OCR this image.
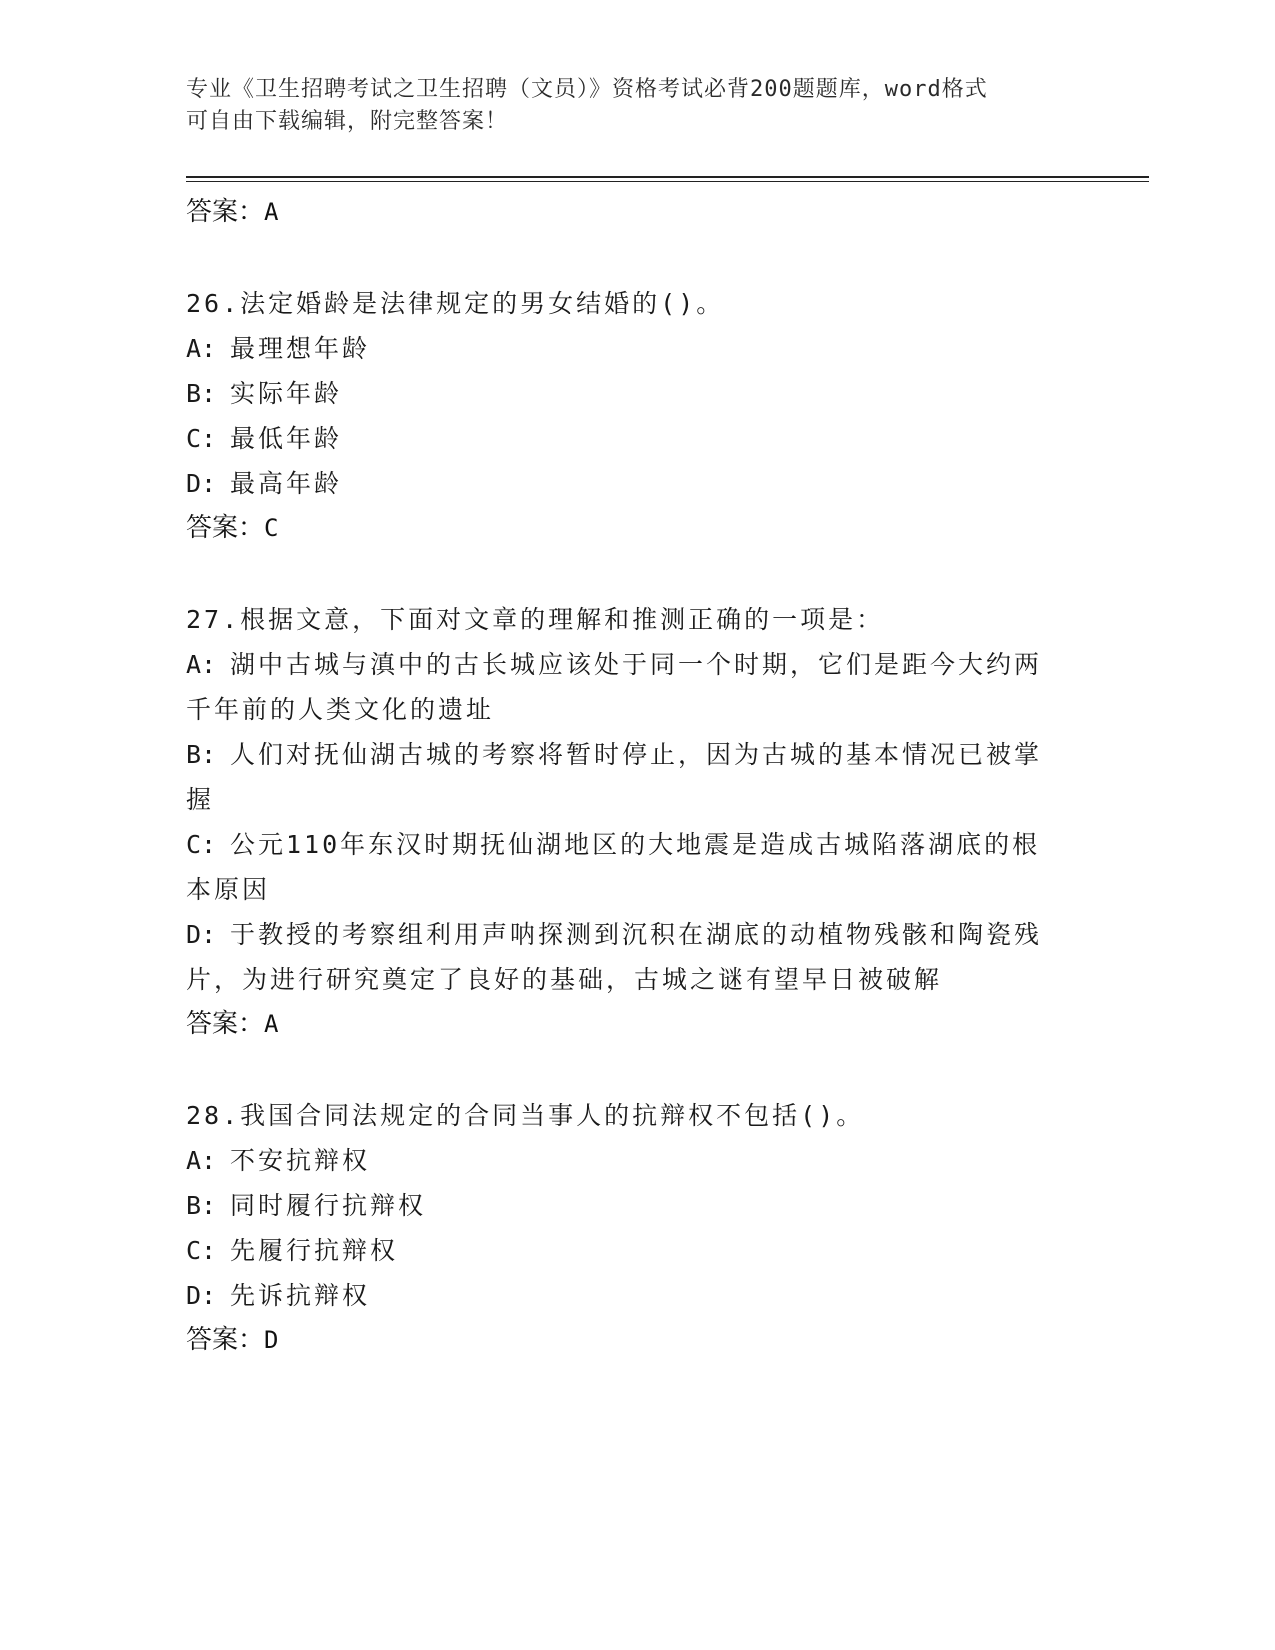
专业《卫生招聘考试之卫生招聘（文员）》资格考试必背200题题库，word格式
可自由下载编辑，附完整答案！
答案：A
26.法定婚龄是法律规定的男女结婚的()。
A: 最理想年龄
B: 实际年龄
C: 最低年龄
D: 最高年龄
答案：C
27.根据文意，下面对文章的理解和推测正确的一项是：
A: 湖中古城与滇中的古长城应该处于同一个时期，它们是距今大约两
千年前的人类文化的遗址
B: 人们对抚仙湖古城的考察将暂时停止，因为古城的基本情况已被掌
握
C: 公元110年东汉时期抚仙湖地区的大地震是造成古城陷落湖底的根
本原因
D: 于教授的考察组利用声呐探测到沉积在湖底的动植物残骸和陶瓷残
片，为进行研究奠定了良好的基础，古城之谜有望早日被破解
答案：A
28.我国合同法规定的合同当事人的抗辩权不包括()。
A: 不安抗辩权
B: 同时履行抗辩权
C: 先履行抗辩权
D: 先诉抗辩权
答案：D
